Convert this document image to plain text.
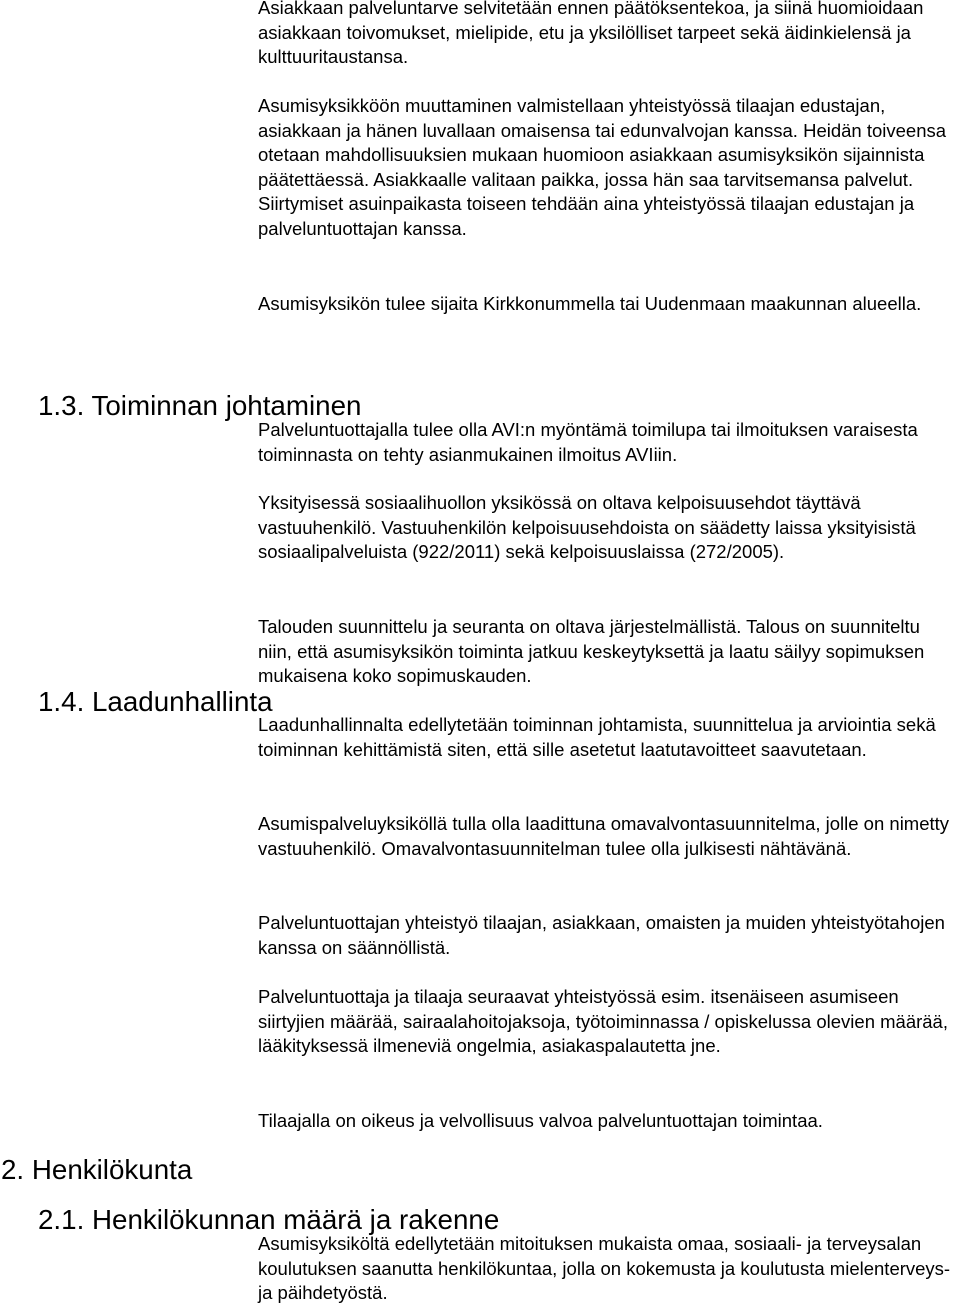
Asiakkaan palveluntarve selvitetään ennen päätöksentekoa, ja siinä huomioidaan asiakkaan toivomukset, mielipide, etu ja yksilölliset tarpeet sekä äidinkielensä ja kulttuuritaustansa.

Asumisyksikköön muuttaminen valmistellaan yhteistyössä tilaajan edustajan, asiakkaan ja hänen luvallaan omaisensa tai edunvalvojan kanssa. Heidän toiveensa otetaan mahdollisuuksien mukaan huomioon asiakkaan asumisyksikön sijainnista päätettäessä. Asiakkaalle valitaan paikka, jossa hän saa tarvitsemansa palvelut. Siirtymiset asuinpaikasta toiseen tehdään aina yhteistyössä tilaajan edustajan ja palveluntuottajan kanssa.

Asumisyksikön tulee sijaita Kirkkonummella tai Uudenmaan maakunnan alueella.

1.3. Toiminnan johtaminen

Palveluntuottajalla tulee olla AVI:n myöntämä toimilupa tai ilmoituksen varaisesta toiminnasta on tehty asianmukainen ilmoitus AVIiin.

Yksityisessä sosiaalihuollon yksikössä on oltava kelpoisuusehdot täyttävä vastuuhenkilö. Vastuuhenkilön kelpoisuusehdoista on säädetty laissa yksityisistä sosiaalipalveluista (922/2011) sekä kelpoisuuslaissa (272/2005).

Talouden suunnittelu ja seuranta on oltava järjestelmällistä. Talous on suunniteltu niin, että asumisyksikön toiminta jatkuu keskeytyksettä ja laatu säilyy sopimuksen mukaisena koko sopimuskauden.

1.4. Laadunhallinta

Laadunhallinnalta edellytetään toiminnan johtamista, suunnittelua ja arviointia sekä toiminnan kehittämistä siten, että sille asetetut laatutavoitteet saavutetaan.

Asumispalveluyksiköllä tulla olla laadittuna omavalvontasuunnitelma, jolle on nimetty vastuuhenkilö. Omavalvontasuunnitelman tulee olla julkisesti nähtävänä.

Palveluntuottajan yhteistyö tilaajan, asiakkaan, omaisten ja muiden yhteistyötahojen kanssa on säännöllistä.

Palveluntuottaja ja tilaaja seuraavat yhteistyössä esim. itsenäiseen asumiseen siirtyjien määrää, sairaalahoitojaksoja, työtoiminnassa / opiskelussa olevien määrää, lääkityksessä ilmeneviä ongelmia, asiakaspalautetta jne.

Tilaajalla on oikeus ja velvollisuus valvoa palveluntuottajan toimintaa.

2. Henkilökunta
2.1. Henkilökunnan määrä ja rakenne

Asumisyksiköltä edellytetään mitoituksen mukaista omaa, sosiaali- ja terveysalan koulutuksen saanutta henkilökuntaa, jolla on kokemusta ja koulutusta mielenterveys- ja päihdetyöstä.
